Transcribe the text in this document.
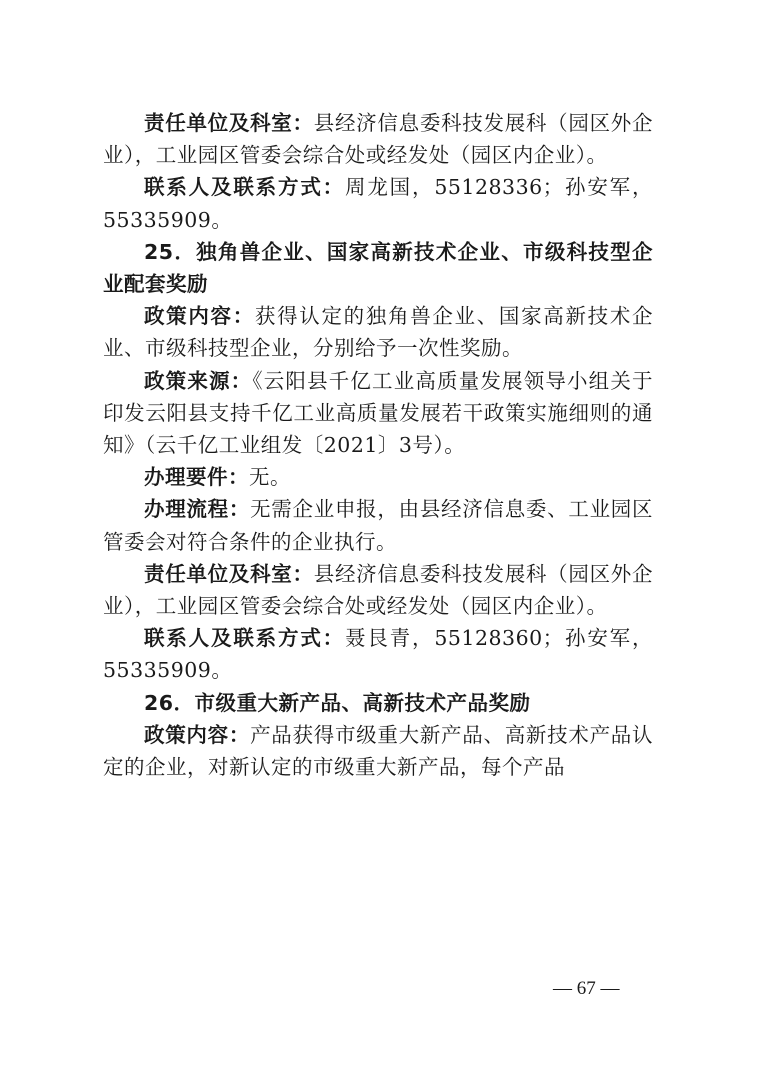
责任单位及科室：县经济信息委科技发展科（园区外企业），工业园区管委会综合处或经发处（园区内企业）。

联系人及联系方式：周龙国，55128336；孙安军，55335909。

25．独角兽企业、国家高新技术企业、市级科技型企业配套奖励

政策内容：获得认定的独角兽企业、国家高新技术企业、市级科技型企业，分别给予一次性奖励。

政策来源：《云阳县千亿工业高质量发展领导小组关于印发云阳县支持千亿工业高质量发展若干政策实施细则的通知》（云千亿工业组发〔2021〕3号）。

办理要件：无。

办理流程：无需企业申报，由县经济信息委、工业园区管委会对符合条件的企业执行。

责任单位及科室：县经济信息委科技发展科（园区外企业），工业园区管委会综合处或经发处（园区内企业）。

联系人及联系方式：聂艮青，55128360；孙安军，55335909。

26．市级重大新产品、高新技术产品奖励

政策内容：产品获得市级重大新产品、高新技术产品认定的企业，对新认定的市级重大新产品，每个产品

— 67 —
